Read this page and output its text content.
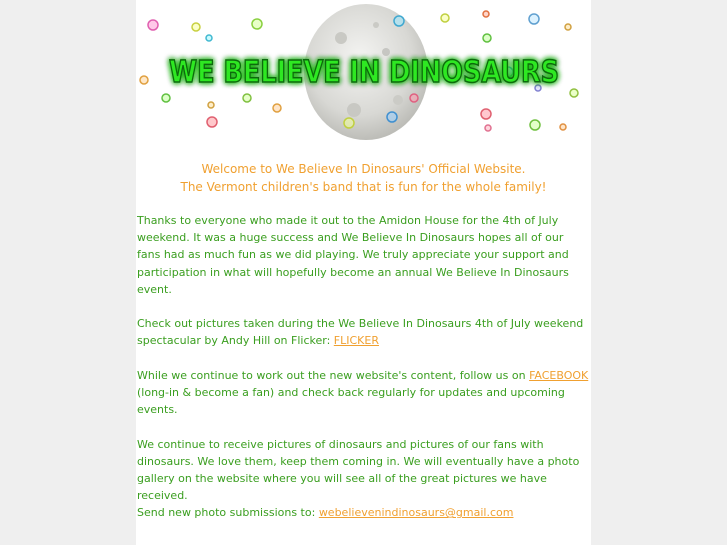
WE BELIEVE IN DINOSAURS
Welcome to We Believe In Dinosaurs' Official Website.
The Vermont children's band that is fun for the whole family!

Thanks to everyone who made it out to the Amidon House for the 4th of July weekend. It was a huge success and We Believe In Dinosaurs hopes all of our fans had as much fun as we did playing. We truly appreciate your support and participation in what will hopefully become an annual We Believe In Dinosaurs event.

Check out pictures taken during the We Believe In Dinosaurs 4th of July weekend spectacular by Andy Hill on Flicker: FLICKER

While we continue to work out the new website's content, follow us on FACEBOOK (long-in & become a fan) and check back regularly for updates and upcoming events.

We continue to receive pictures of dinosaurs and pictures of our fans with dinosaurs. We love them, keep them coming in. We will eventually have a photo gallery on the website where you will see all of the great pictures we have received.

Send new photo submissions to: webelievenindinosaurs@gmail.com
